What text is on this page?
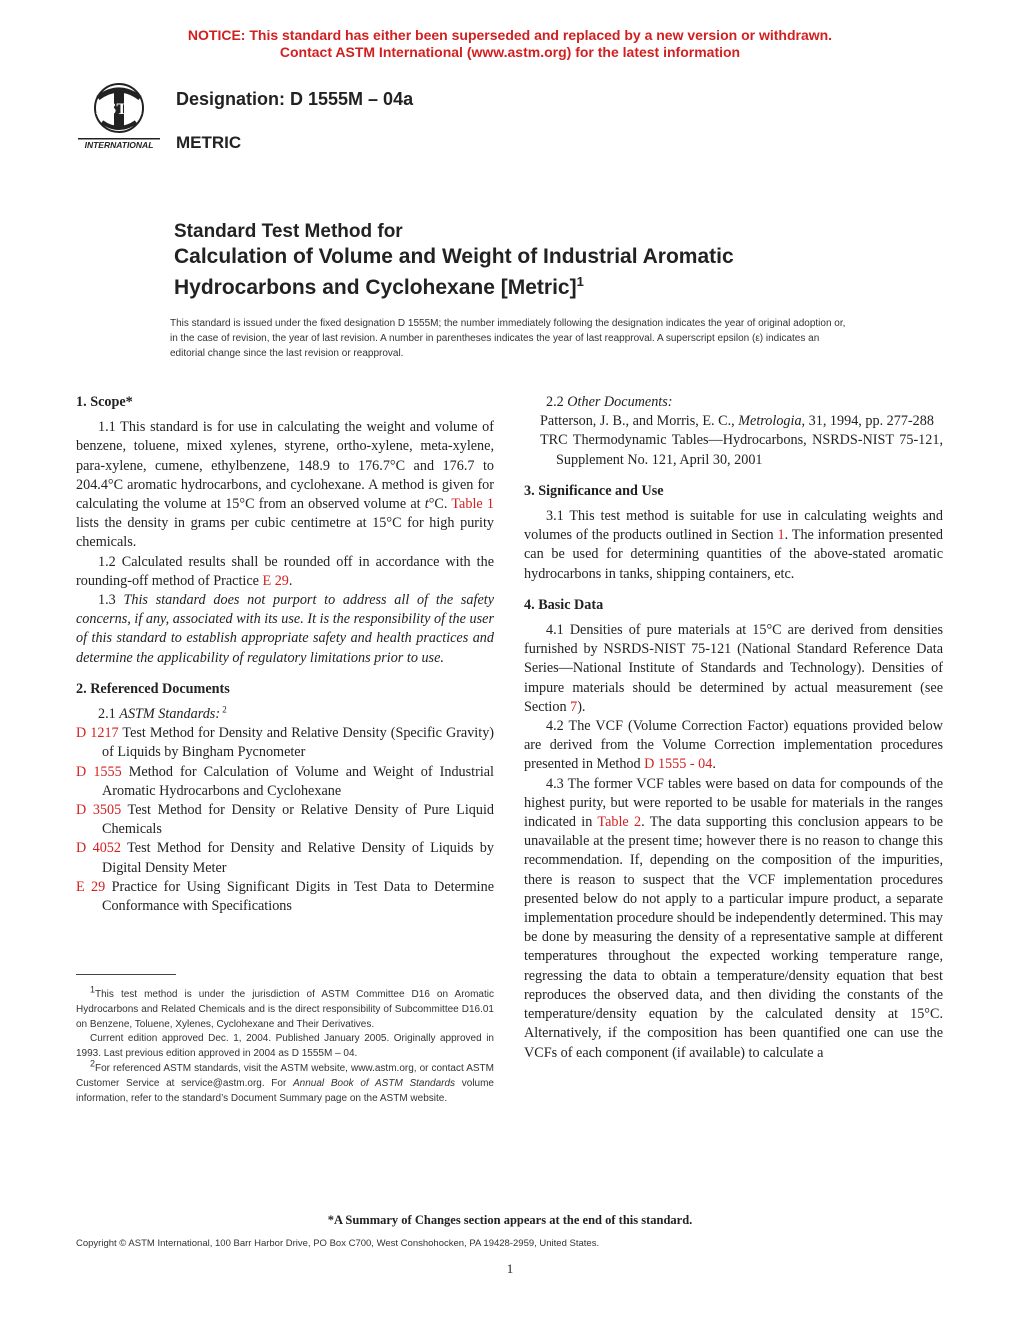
NOTICE: This standard has either been superseded and replaced by a new version or withdrawn.
Contact ASTM International (www.astm.org) for the latest information
ASTM
INTERNATIONAL
Designation: D 1555M – 04a
METRIC
Standard Test Method for
Calculation of Volume and Weight of Industrial Aromatic
Hydrocarbons and Cyclohexane [Metric]$^1$
This standard is issued under the fixed designation D 1555M; the number immediately following the designation indicates the year of original adoption or, in the case of revision, the year of last revision. A number in parentheses indicates the year of last reapproval. A superscript epsilon (ε) indicates an editorial change since the last revision or reapproval.

1. Scope*

1.1 This standard is for use in calculating the weight and volume of benzene, toluene, mixed xylenes, styrene, ortho-xylene, meta-xylene, para-xylene, cumene, ethylbenzene, 148.9 to 176.7°C and 176.7 to 204.4°C aromatic hydrocarbons, and cyclohexane. A method is given for calculating the volume at 15°C from an observed volume at t°C. Table 1 lists the density in grams per cubic centimetre at 15°C for high purity chemicals.

1.2 Calculated results shall be rounded off in accordance with the rounding-off method of Practice E 29.

1.3 This standard does not purport to address all of the safety concerns, if any, associated with its use. It is the responsibility of the user of this standard to establish appropriate safety and health practices and determine the applicability of regulatory limitations prior to use.

2. Referenced Documents

2.1 ASTM Standards: $^2$

D 1217 Test Method for Density and Relative Density (Specific Gravity) of Liquids by Bingham Pycnometer

D 1555 Method for Calculation of Volume and Weight of Industrial Aromatic Hydrocarbons and Cyclohexane

D 3505 Test Method for Density or Relative Density of Pure Liquid Chemicals

D 4052 Test Method for Density and Relative Density of Liquids by Digital Density Meter

E 29 Practice for Using Significant Digits in Test Data to Determine Conformance with Specifications

1This test method is under the jurisdiction of ASTM Committee D16 on Aromatic Hydrocarbons and Related Chemicals and is the direct responsibility of Subcommittee D16.01 on Benzene, Toluene, Xylenes, Cyclohexane and Their Derivatives.

Current edition approved Dec. 1, 2004. Published January 2005. Originally approved in 1993. Last previous edition approved in 2004 as D 1555M – 04.

2For referenced ASTM standards, visit the ASTM website, www.astm.org, or contact ASTM Customer Service at service@astm.org. For Annual Book of ASTM Standards volume information, refer to the standard’s Document Summary page on the ASTM website.

2.2 Other Documents:

Patterson, J. B., and Morris, E. C., Metrologia, 31, 1994, pp. 277-288

TRC Thermodynamic Tables—Hydrocarbons, NSRDS-NIST 75-121, Supplement No. 121, April 30, 2001

3. Significance and Use

3.1 This test method is suitable for use in calculating weights and volumes of the products outlined in Section 1. The information presented can be used for determining quantities of the above-stated aromatic hydrocarbons in tanks, shipping containers, etc.

4. Basic Data

4.1 Densities of pure materials at 15°C are derived from densities furnished by NSRDS-NIST 75-121 (National Standard Reference Data Series—National Institute of Standards and Technology). Densities of impure materials should be determined by actual measurement (see Section 7).

4.2 The VCF (Volume Correction Factor) equations provided below are derived from the Volume Correction implementation procedures presented in Method D 1555 - 04.

4.3 The former VCF tables were based on data for compounds of the highest purity, but were reported to be usable for materials in the ranges indicated in Table 2. The data supporting this conclusion appears to be unavailable at the present time; however there is no reason to change this recommendation. If, depending on the composition of the impurities, there is reason to suspect that the VCF implementation procedures presented below do not apply to a particular impure product, a separate implementation procedure should be independently determined. This may be done by measuring the density of a representative sample at different temperatures throughout the expected working temperature range, regressing the data to obtain a temperature/density equation that best reproduces the observed data, and then dividing the constants of the temperature/density equation by the calculated density at 15°C. Alternatively, if the composition has been quantified one can use the VCFs of each component (if available) to calculate a

*A Summary of Changes section appears at the end of this standard.
Copyright © ASTM International, 100 Barr Harbor Drive, PO Box C700, West Conshohocken, PA 19428-2959, United States.
1
